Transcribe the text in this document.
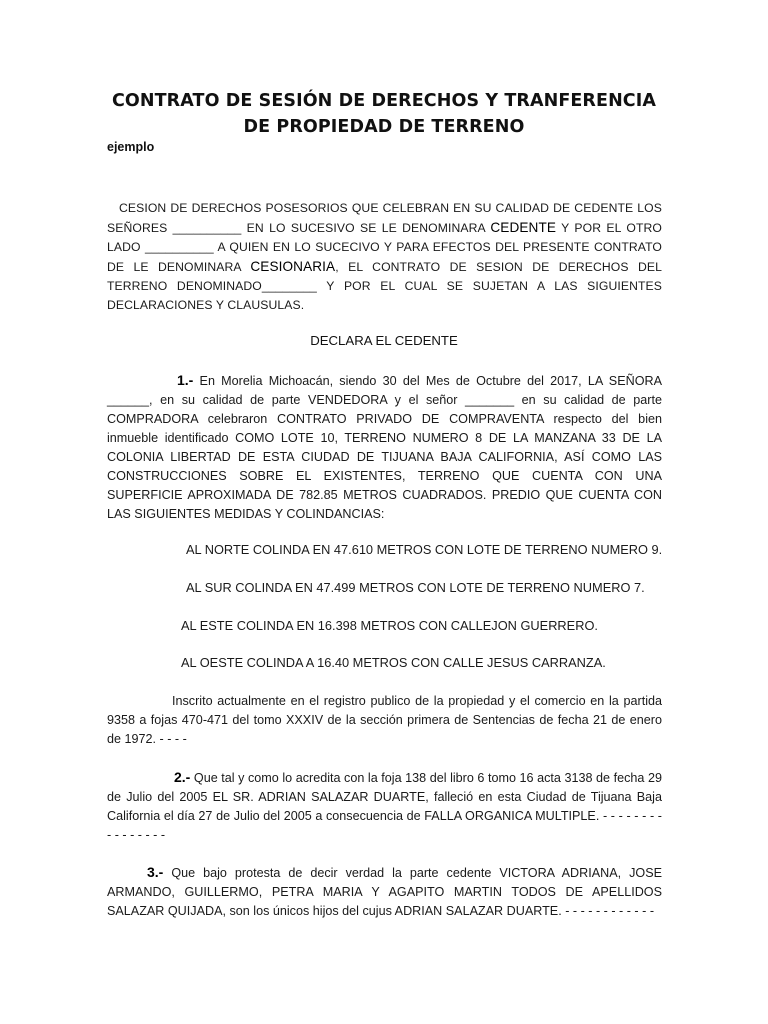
CONTRATO DE SESIÓN DE DERECHOS Y TRANFERENCIA DE PROPIEDAD DE TERRENO
ejemplo

CESION DE DERECHOS POSESORIOS QUE CELEBRAN EN SU CALIDAD DE CEDENTE LOS SEÑORES __________ EN LO SUCESIVO SE LE DENOMINARA CEDENTE Y POR EL OTRO LADO __________ A QUIEN EN LO SUCECIVO Y PARA EFECTOS DEL PRESENTE CONTRATO DE LE DENOMINARA CESIONARIA, EL CONTRATO DE SESION DE DERECHOS DEL TERRENO DENOMINADO________ Y POR EL CUAL SE SUJETAN A LAS SIGUIENTES DECLARACIONES Y CLAUSULAS.

DECLARA EL CEDENTE

1.- En Morelia Michoacán, siendo 30 del Mes de Octubre del 2017, LA SEÑORA ______, en su calidad de parte VENDEDORA y el señor _______ en su calidad de parte COMPRADORA celebraron CONTRATO PRIVADO DE COMPRAVENTA respecto del bien inmueble identificado COMO LOTE 10, TERRENO NUMERO 8 DE LA MANZANA 33 DE LA COLONIA LIBERTAD DE ESTA CIUDAD DE TIJUANA BAJA CALIFORNIA, ASÍ COMO LAS CONSTRUCCIONES SOBRE EL EXISTENTES, TERRENO QUE CUENTA CON UNA SUPERFICIE APROXIMADA DE 782.85 METROS CUADRADOS. PREDIO QUE CUENTA CON LAS SIGUIENTES MEDIDAS Y COLINDANCIAS:

AL NORTE COLINDA EN 47.610 METROS CON LOTE DE TERRENO NUMERO 9.
AL SUR COLINDA EN 47.499 METROS CON LOTE DE TERRENO NUMERO 7.
AL ESTE COLINDA EN 16.398 METROS CON CALLEJON GUERRERO.
AL OESTE COLINDA A 16.40 METROS CON CALLE JESUS CARRANZA.

Inscrito actualmente en el registro publico de la propiedad y el comercio en la partida 9358 a fojas 470-471 del tomo XXXIV de la sección primera de Sentencias de fecha 21 de enero de 1972. - - - -

2.- Que tal y como lo acredita con la foja 138 del libro 6 tomo 16 acta 3138 de fecha 29 de Julio del 2005 EL SR. ADRIAN SALAZAR DUARTE, falleció en esta Ciudad de Tijuana Baja California el día 27 de Julio del 2005 a consecuencia de FALLA ORGANICA MULTIPLE. - - - - - - - - - - - - - - - -

3.- Que bajo protesta de decir verdad la parte cedente VICTORA ADRIANA, JOSE ARMANDO, GUILLERMO, PETRA MARIA Y AGAPITO MARTIN TODOS DE APELLIDOS SALAZAR QUIJADA, son los únicos hijos del cujus ADRIAN SALAZAR DUARTE. - - - - - - - - - - - -
